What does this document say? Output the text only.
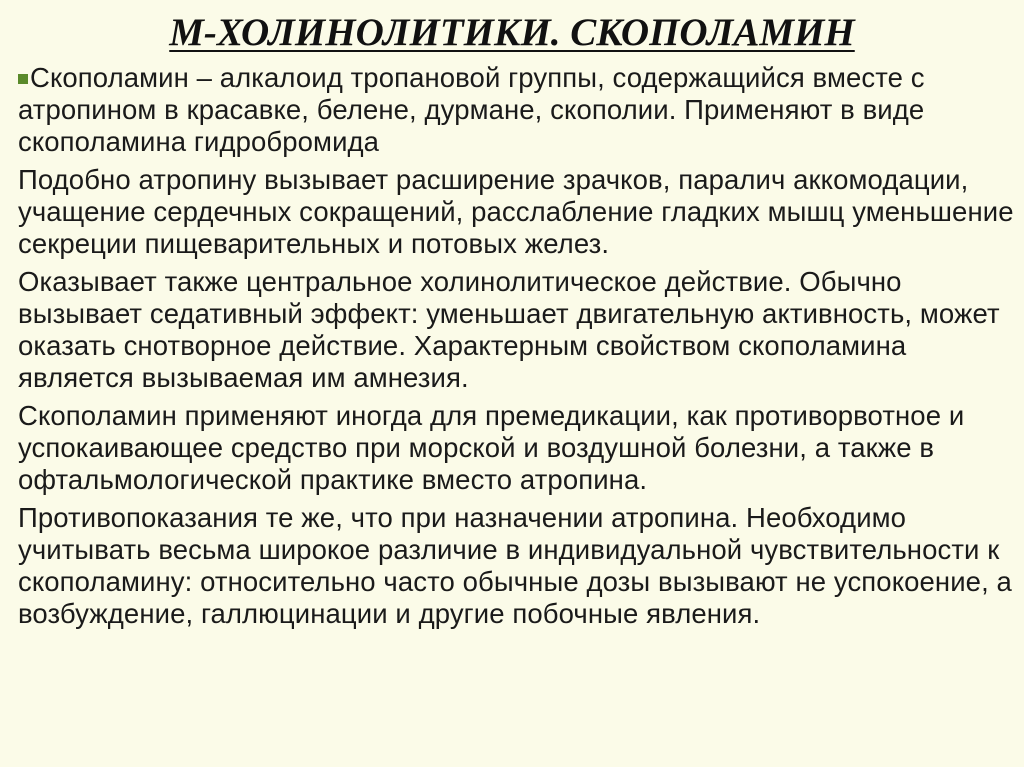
М-ХОЛИНОЛИТИКИ. СКОПОЛАМИН

Скополамин – алкалоид тропановой группы, содержащийся вместе с атропином в красавке, белене, дурмане, скополии. Применяют в виде скополамина гидробромида

Подобно атропину вызывает расширение зрачков, паралич аккомодации, учащение сердечных сокращений, расслабление гладких мышц уменьшение секреции пищеварительных и потовых желез.

Оказывает также центральное холинолитическое действие. Обычно вызывает седативный эффект: уменьшает двигательную активность, может оказать снотворное действие. Характерным свойством скополамина является вызываемая им амнезия.

Скополамин применяют иногда для премедикации, как противорвотное и успокаивающее средство при морской и воздушной болезни, а также в офтальмологической практике вместо атропина.

Противопоказания те же, что при назначении атропина. Необходимо учитывать весьма широкое различие в индивидуальной чувствительности к скополамину: относительно часто обычные дозы вызывают не успокоение, а возбуждение, галлюцинации и другие побочные явления.
